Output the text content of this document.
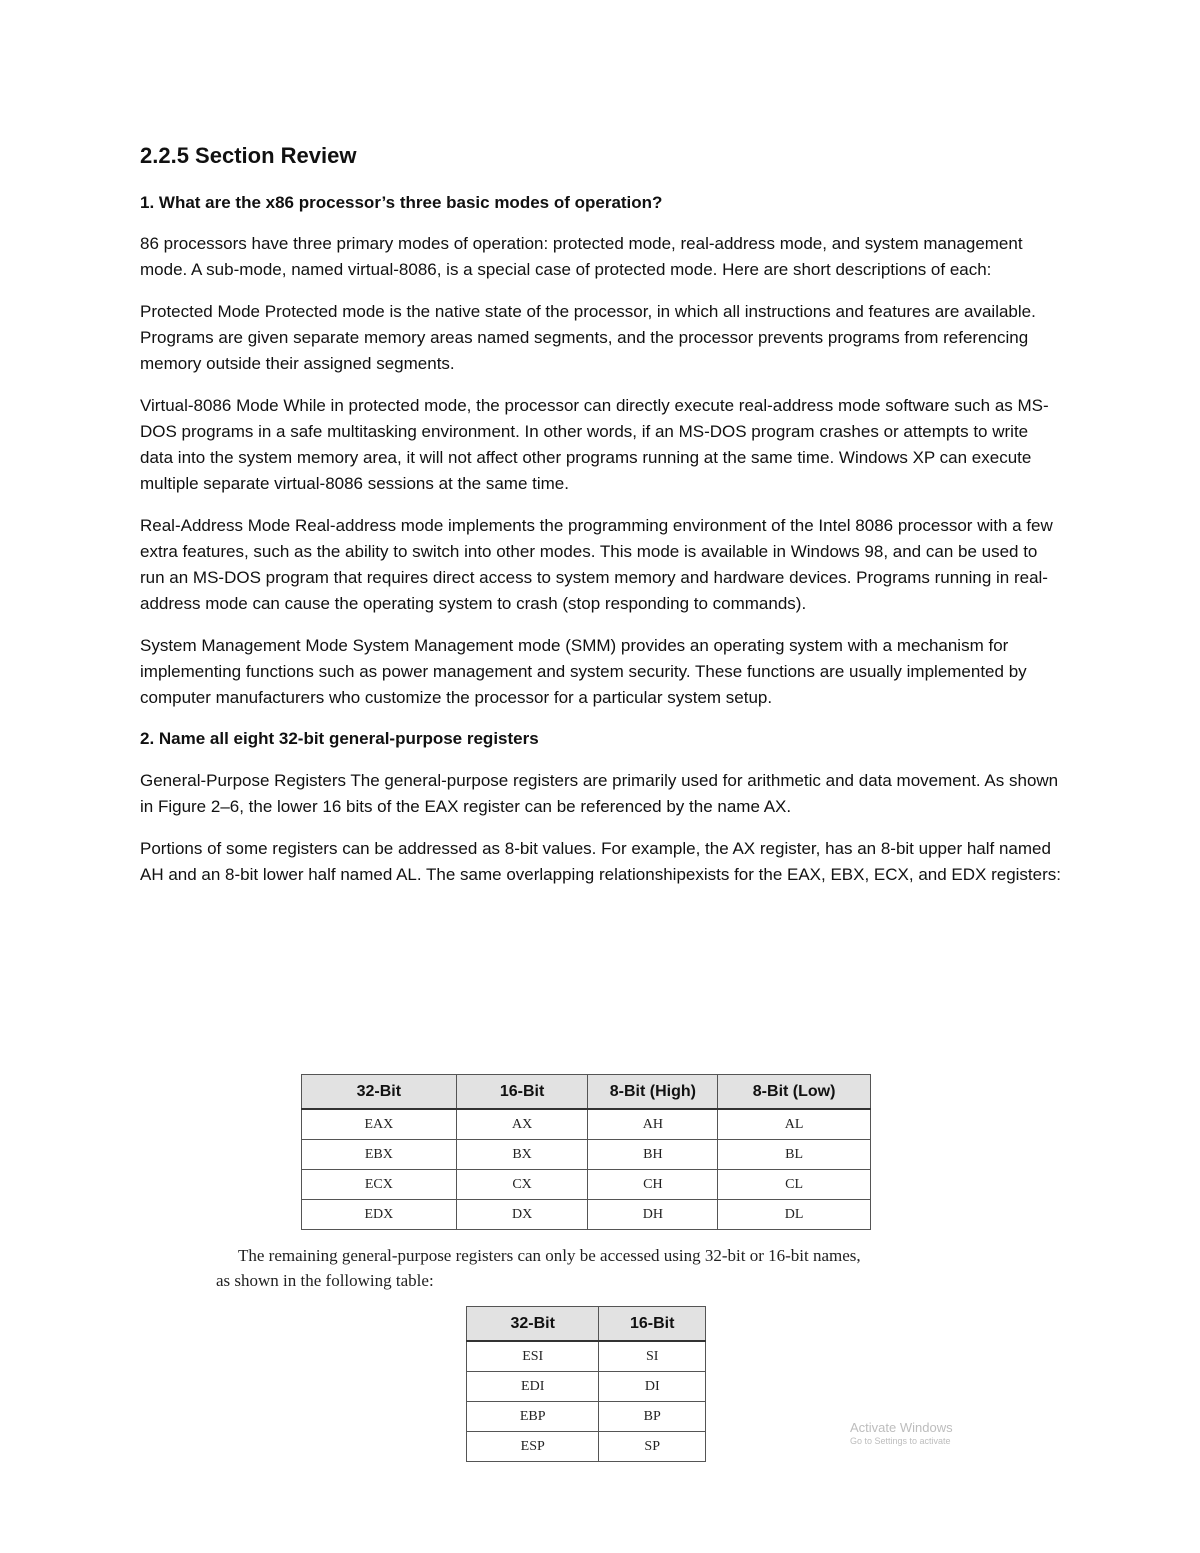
2.2.5 Section Review
1. What are the x86 processor’s three basic modes of operation?

86 processors have three primary modes of operation: protected mode, real-address mode, and system management mode. A sub-mode, named virtual-8086, is a special case of protected mode. Here are short descriptions of each:

Protected Mode Protected mode is the native state of the processor, in which all instructions and features are available. Programs are given separate memory areas named segments, and the processor prevents programs from referencing memory outside their assigned segments.

Virtual-8086 Mode While in protected mode, the processor can directly execute real-address mode software such as MS-DOS programs in a safe multitasking environment. In other words, if an MS-DOS program crashes or attempts to write data into the system memory area, it will not affect other programs running at the same time. Windows XP can execute multiple separate virtual-8086 sessions at the same time.

Real-Address Mode Real-address mode implements the programming environment of the Intel 8086 processor with a few extra features, such as the ability to switch into other modes. This mode is available in Windows 98, and can be used to run an MS-DOS program that requires direct access to system memory and hardware devices. Programs running in real-address mode can cause the operating system to crash (stop responding to commands).

System Management Mode System Management mode (SMM) provides an operating system with a mechanism for implementing functions such as power management and system security. These functions are usually implemented by computer manufacturers who customize the processor for a particular system setup.

2. Name all eight 32-bit general-purpose registers

General-Purpose Registers The general-purpose registers are primarily used for arithmetic and data movement. As shown in Figure 2–6, the lower 16 bits of the EAX register can be referenced by the name AX.

Portions of some registers can be addressed as 8-bit values. For example, the AX register, has an 8-bit upper half named AH and an 8-bit lower half named AL. The same overlapping relationshipexists for the EAX, EBX, ECX, and EDX registers:

32-Bit	16-Bit	8-Bit (High)	8-Bit (Low)
EAX	AX	AH	AL
EBX	BX	BH	BL
ECX	CX	CH	CL
EDX	DX	DH	DL
The remaining general-purpose registers can only be accessed using 32-bit or 16-bit names,
as shown in the following table:
32-Bit	16-Bit
ESI	SI
EDI	DI
EBP	BP
ESP	SP
Activate Windows
Go to Settings to activate
